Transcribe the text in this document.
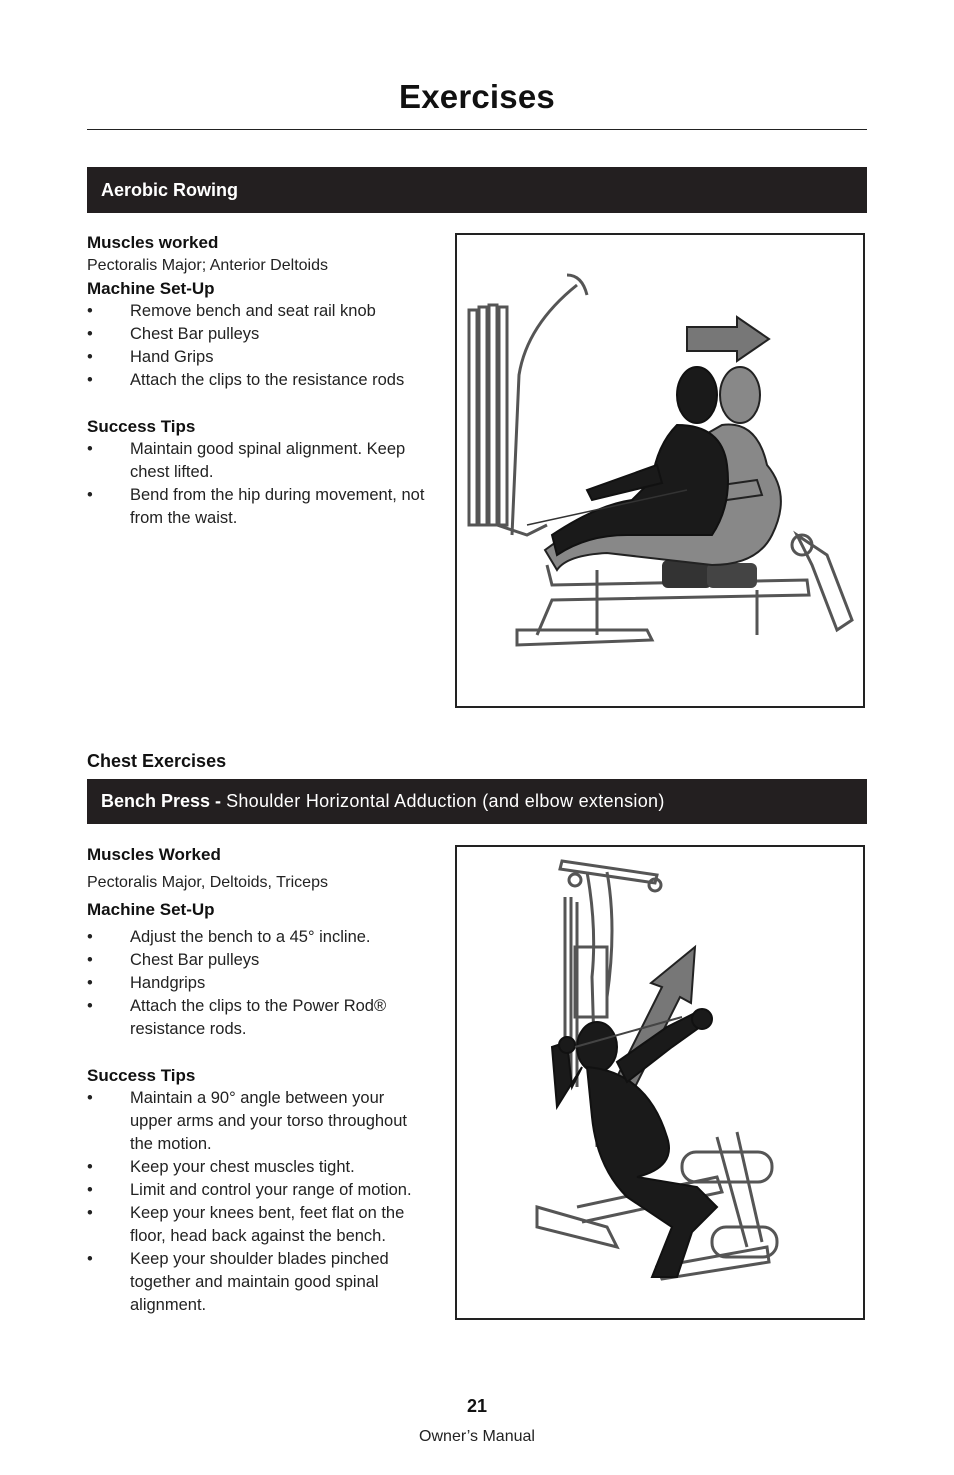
Exercises
Aerobic Rowing
Muscles worked
Pectoralis Major; Anterior Deltoids
Machine Set-Up
• Remove bench and seat rail knob
• Chest Bar pulleys
• Hand Grips
• Attach the clips to the resistance rods
Success Tips
• Maintain good spinal alignment. Keep chest lifted.
• Bend from the hip during movement, not from the waist.
Chest Exercises
Bench Press - Shoulder Horizontal Adduction (and elbow extension)
Muscles Worked
Pectoralis Major, Deltoids, Triceps
Machine Set-Up
• Adjust the bench to a 45° incline.
• Chest Bar pulleys
• Handgrips
• Attach the clips to the Power Rod® resistance rods.
Success Tips
• Maintain a 90° angle between your upper arms and your torso throughout the motion.
• Keep your chest muscles tight.
• Limit and control your range of motion.
• Keep your knees bent, feet flat on the floor, head back against the bench.
• Keep your shoulder blades pinched together and maintain good spinal alignment.
21
Owner’s Manual
